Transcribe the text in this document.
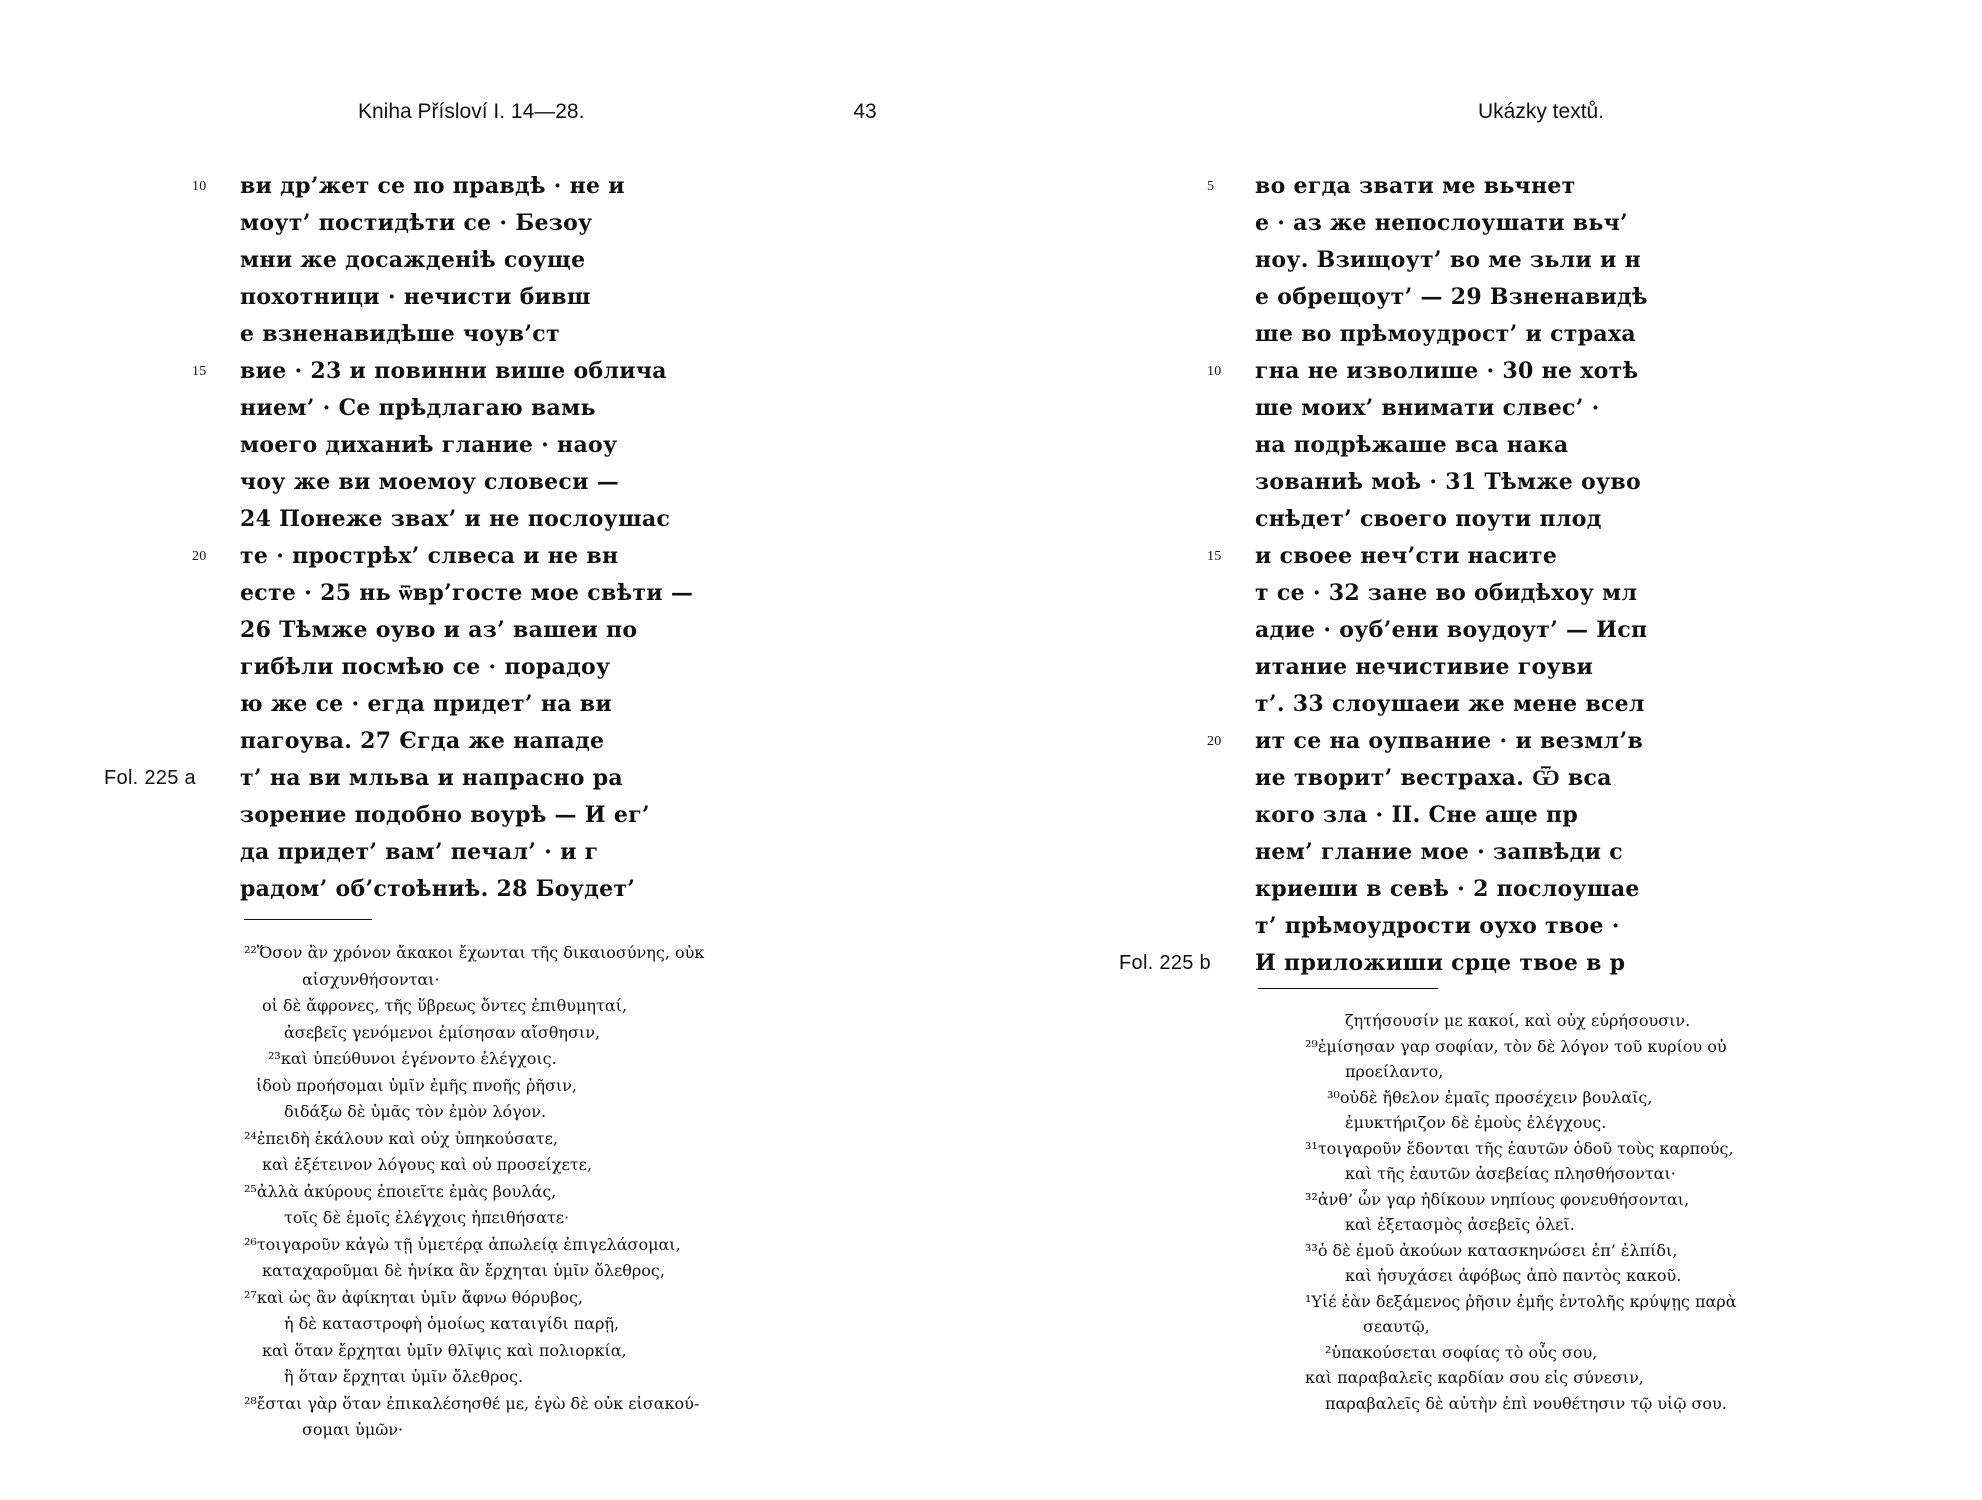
Kniha Přísloví I. 14—28.	43	Ukázky textů.
10	ви др’жет се по правдѣ · не и
моут’ постидѣти се · Безоу
мни же досажденіѣ соуще
похотници · нечисти бивш
е взненавидѣше чоув’ст
15	вие · 23 и повинни више облича
нием’ · Се прѣдлагаю вамь
моего диханиѣ глание · наоу
чоу же ви моемоу словеси —
24 Понеже звах’ и не послоушас
20	те · прострѣх’ слвеса и не вн
есте · 25 нь ѿвр’госте мое свѣти —
26 Тѣмже оуво и аз’ вашеи по
гибѣли посмѣю се · порадоу
ю же се · егда придет’ на ви
пагоува. 27 Єгда же нападе
Fol. 225 a т’ на ви мльва и напрасно ра
зорение подобно воурѣ — И ег’
да придет’ вам’ печал’ · и г
радом’ об’стоѣниѣ. 28 Боудет’
²²Ὅσον ἂν χρόνον ἄκακοι ἔχωνται τῆς δικαιοσύνης, οὐκ
αἰσχυνθήσονται·
οἱ δὲ ἄφρονες, τῆς ὕβρεως ὄντες ἐπιθυμηταί,
ἀσεβεῖς γενόμενοι ἐμίσησαν αἴσθησιν,
²³καὶ ὑπεύθυνοι ἐγένοντο ἐλέγχοις.
ἰδοὺ προήσομαι ὑμῖν ἐμῆς πνοῆς ῥῆσιν,
διδάξω δὲ ὑμᾶς τὸν ἐμὸν λόγον.
²⁴ἐπειδὴ ἐκάλουν καὶ οὐχ ὑπηκούσατε,
καὶ ἐξέτεινον λόγους καὶ οὐ προσείχετε,
²⁵ἀλλὰ ἀκύρους ἐποιεῖτε ἐμὰς βουλάς,
τοῖς δὲ ἐμοῖς ἐλέγχοις ἠπειθήσατε·
²⁶τοιγαροῦν κἀγὼ τῇ ὑμετέρᾳ ἀπωλείᾳ ἐπιγελάσομαι,
καταχαροῦμαι δὲ ἡνίκα ἂν ἔρχηται ὑμῖν ὄλεθρος,
²⁷καὶ ὡς ἂν ἀφίκηται ὑμῖν ἄφνω θόρυβος,
ἡ δὲ καταστροφὴ ὁμοίως καταιγίδι παρῇ,
καὶ ὅταν ἔρχηται ὑμῖν θλῖψις καὶ πολιορκία,
ἢ ὅταν ἔρχηται ὑμῖν ὄλεθρος.
²⁸ἔσται γὰρ ὅταν ἐπικαλέσησθέ με, ἐγὼ δὲ οὐκ εἰσακού-
σομαι ὑμῶν·
5	во егда звати ме вьчнет
е · аз же непослоушати вьч’
ноу. Взищоут’ во ме зьли и н
е обрещоут’ — 29 Взненавидѣ
ше во прѣмоудрост’ и страха
10	гна не изволише · 30 не хотѣ
ше моих’ внимати слвес’ ·
на подрѣжаше вса нака
зованиѣ моѣ · 31 Тѣмже оуво
снѣдет’ своего поути плод
15	и своее неч’сти насите
т се · 32 зане во обидѣхоу мл
адие · оуб’ени воудоут’ — Исп
итание нечистивие гоуви
т’. 33 слоушаеи же мене всел
20	ит се на оупвание · и везмл’в
ие творит’ вестраха. Ѿ вса
кого зла · II. Сне аще пр
нем’ глание мое · запвѣди с
криеши в севѣ · 2 послоушае
т’ прѣмоудрости оухо твое ·
Fol. 225 b И приложиши срце твое в р
ζητήσουσίν με κακοί, καὶ οὐχ εὑρήσουσιν.
²⁹ἐμίσησαν γαρ σοφίαν, τὸν δὲ λόγον τοῦ κυρίου οὐ
προείλαντο,
³⁰οὐδὲ ἤθελον ἐμαῖς προσέχειν βουλαῖς,
ἐμυκτήριζον δὲ ἐμοὺς ἐλέγχους.
³¹τοιγαροῦν ἔδονται τῆς ἑαυτῶν ὁδοῦ τοὺς καρπούς,
καὶ τῆς ἑαυτῶν ἀσεβείας πλησθήσονται·
³²ἀνθ’ ὧν γαρ ἠδίκουν νηπίους φονευθήσονται,
καὶ ἐξετασμὸς ἀσεβεῖς ὀλεῖ.
³³ὁ δὲ ἐμοῦ ἀκούων κατασκηνώσει ἐπ’ ἐλπίδι,
καὶ ἡσυχάσει ἀφόβως ἀπὸ παντὸς κακοῦ.
¹Υἱέ ἐὰν δεξάμενος ῥῆσιν ἐμῆς ἐντολῆς κρύψῃς παρὰ
σεαυτῷ,
²ὑπακούσεται σοφίας τὸ οὖς σου,
καὶ παραβαλεῖς καρδίαν σου εἰς σύνεσιν,
παραβαλεῖς δὲ αὐτὴν ἐπὶ νουθέτησιν τῷ υἱῷ σου.
